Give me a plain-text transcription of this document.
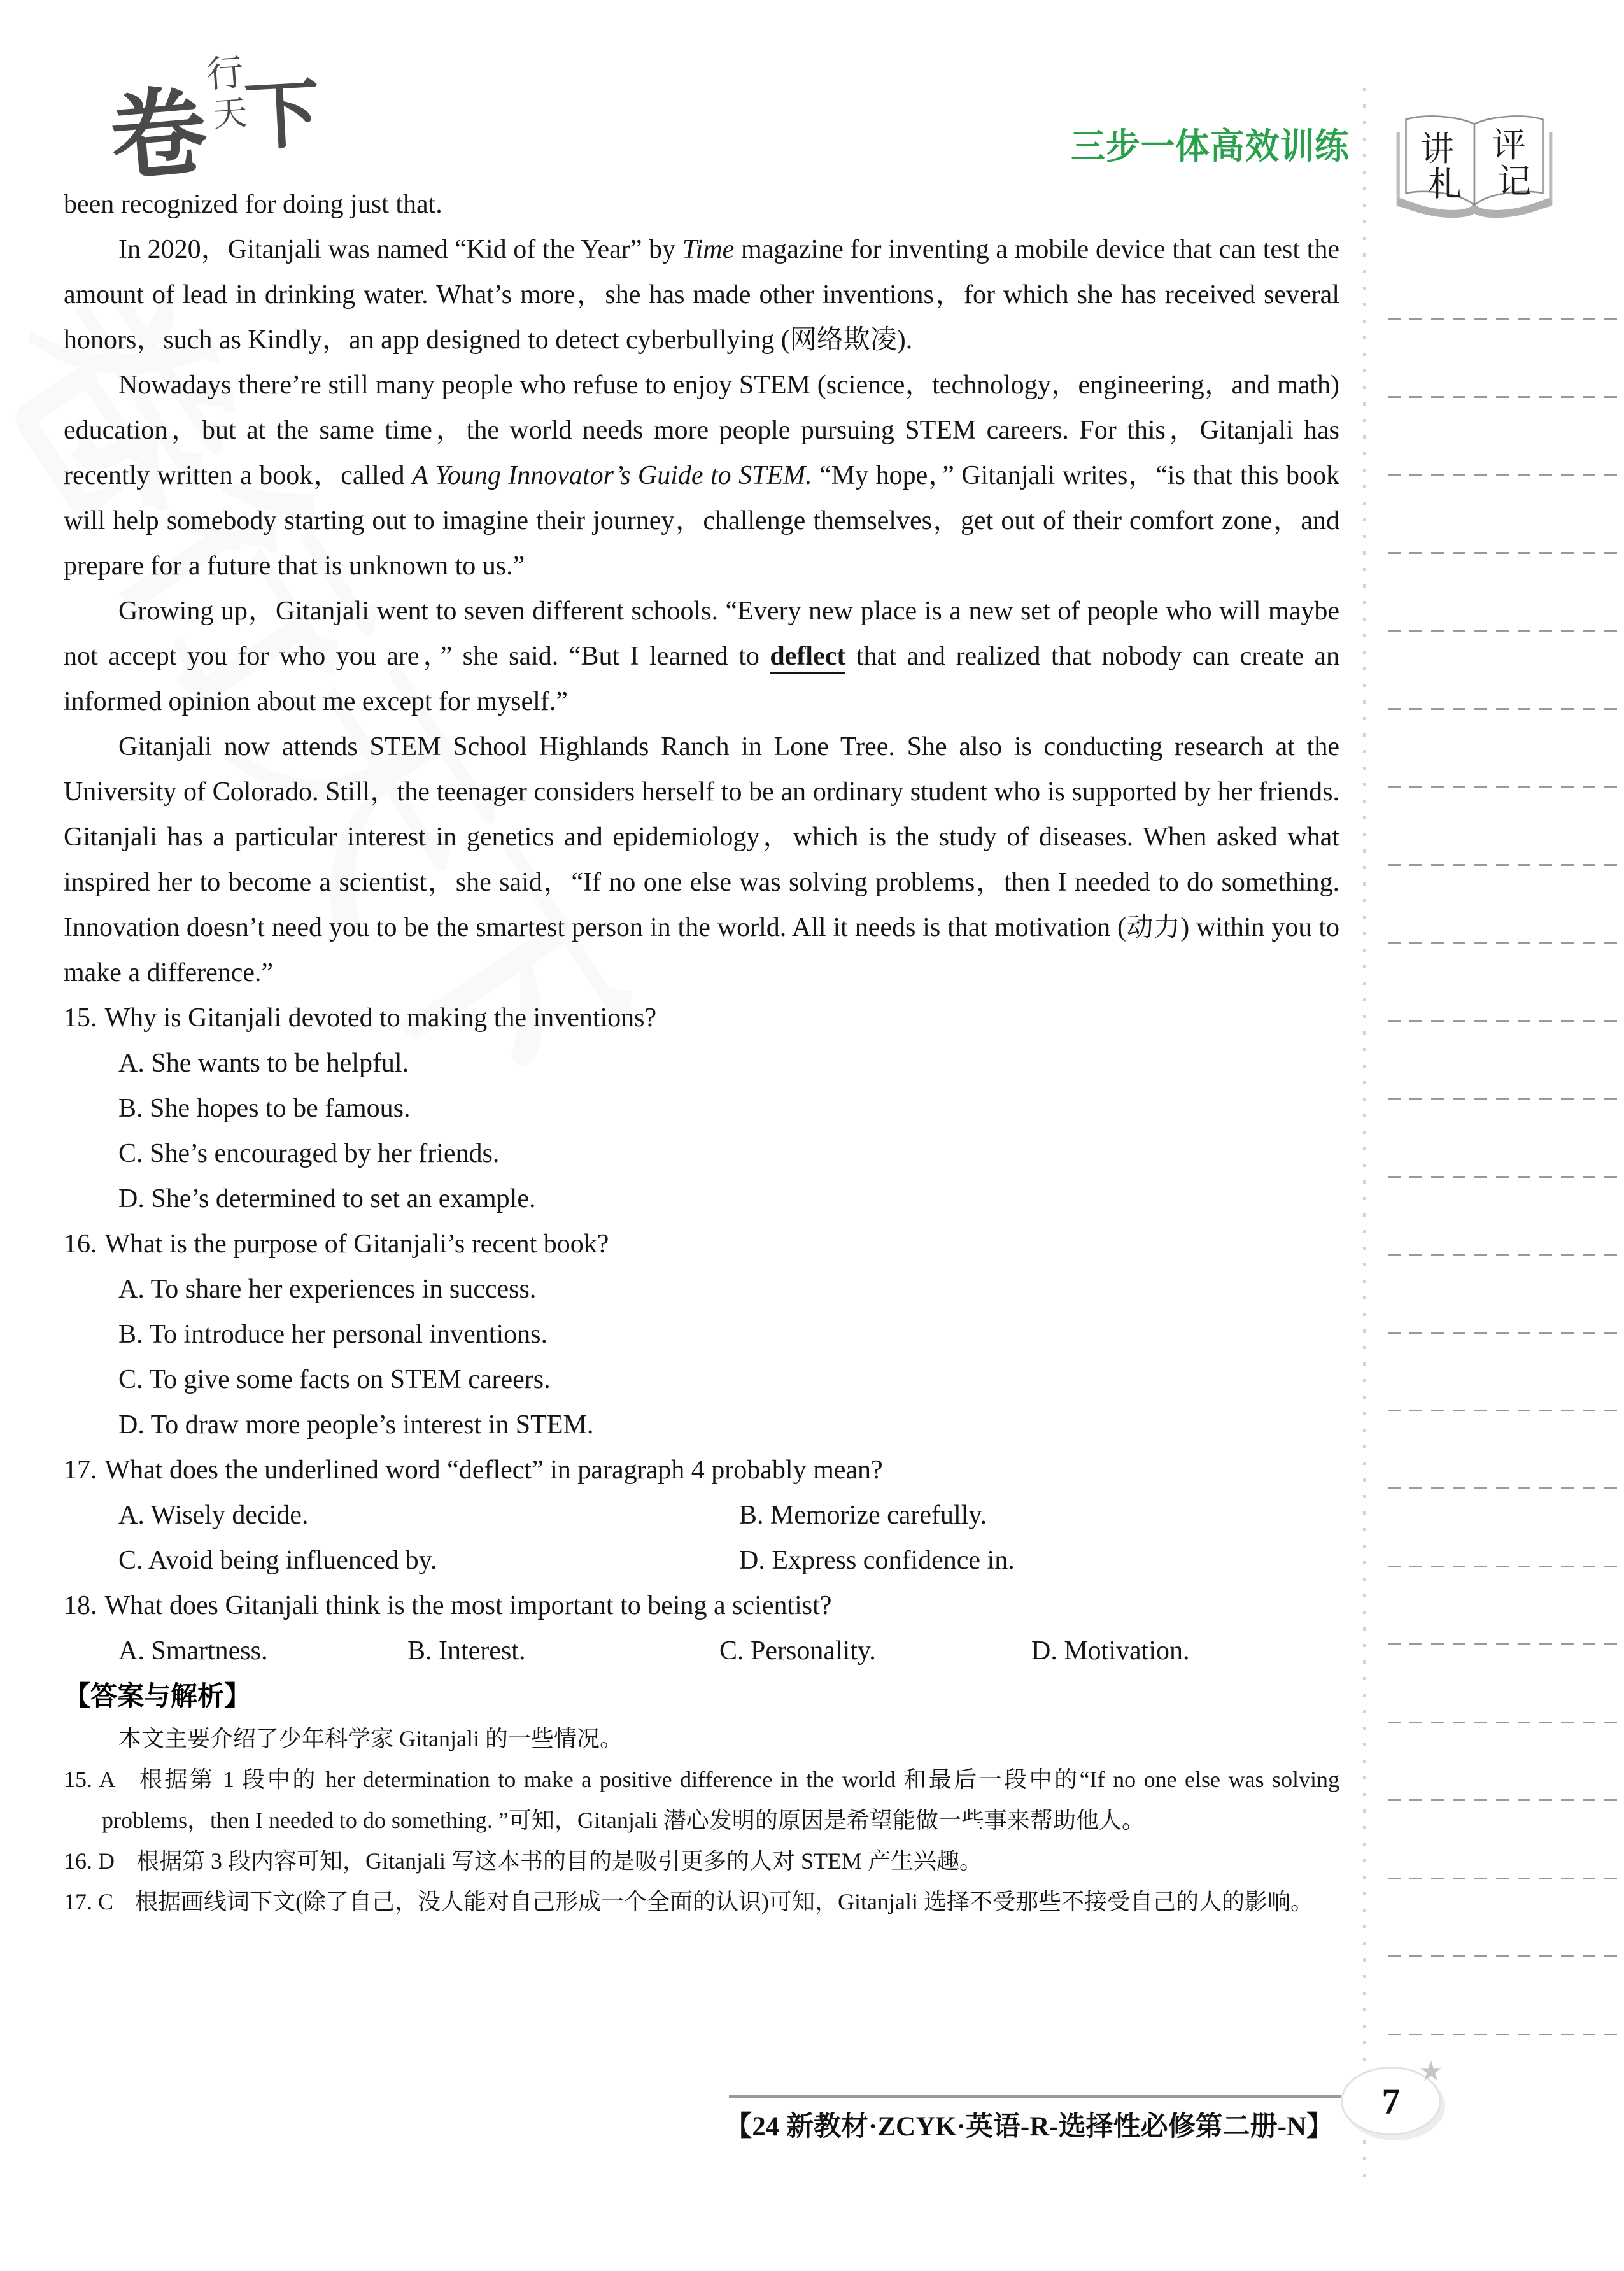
卷
行
天
下	三步一体高效训练 讲
札
评
记

been recognized for doing just that.

In 2020，Gitanjali was named “Kid of the Year” by Time magazine for inventing a mobile device that can test the amount of lead in drinking water. What’s more，she has made other inventions，for which she has received several honors，such as Kindly，an app designed to detect cyberbullying (网络欺凌).

Nowadays there’re still many people who refuse to enjoy STEM (science，technology，engineering，and math) education，but at the same time，the world needs more people pursuing STEM careers. For this，Gitanjali has recently written a book，called A Young Innovator’s Guide to STEM. “My hope，” Gitanjali writes，“is that this book will help somebody starting out to imagine their journey，challenge themselves，get out of their comfort zone，and prepare for a future that is unknown to us.”

Growing up，Gitanjali went to seven different schools. “Every new place is a new set of people who will maybe not accept you for who you are，” she said. “But I learned to deflect that and realized that nobody can create an informed opinion about me except for myself.”

Gitanjali now attends STEM School Highlands Ranch in Lone Tree. She also is conducting research at the University of Colorado. Still，the teenager considers herself to be an ordinary student who is supported by her friends. Gitanjali has a particular interest in genetics and epidemiology，which is the study of diseases. When asked what inspired her to become a scientist，she said，“If no one else was solving problems，then I needed to do something. Innovation doesn’t need you to be the smartest person in the world. All it needs is that motivation (动力) within you to make a difference.”

15. Why is Gitanjali devoted to making the inventions?

A. She wants to be helpful.

B. She hopes to be famous.

C. She’s encouraged by her friends.

D. She’s determined to set an example.

16. What is the purpose of Gitanjali’s recent book?

A. To share her experiences in success.

B. To introduce her personal inventions.

C. To give some facts on STEM careers.

D. To draw more people’s interest in STEM.

17. What does the underlined word “deflect” in paragraph 4 probably mean?

A. Wisely decide.	B. Memorize carefully.
C. Avoid being influenced by.	D. Express confidence in.

18. What does Gitanjali think is the most important to being a scientist?

A. Smartness.	B. Interest.	C. Personality.	D. Motivation.

【答案与解析】

本文主要介绍了少年科学家 Gitanjali 的一些情况。

15. A 根据第 1 段中的 her determination to make a positive difference in the world 和最后一段中的“If no one else was solving problems，then I needed to do something. ”可知，Gitanjali 潜心发明的原因是希望能做一些事来帮助他人。

16. D 根据第 3 段内容可知，Gitanjali 写这本书的目的是吸引更多的人对 STEM 产生兴趣。

17. C 根据画线词下文(除了自己，没人能对自己形成一个全面的认识)可知，Gitanjali 选择不受那些不接受自己的人的影响。

【24 新教材·ZCYK·英语-R-选择性必修第二册-N】
7
★
